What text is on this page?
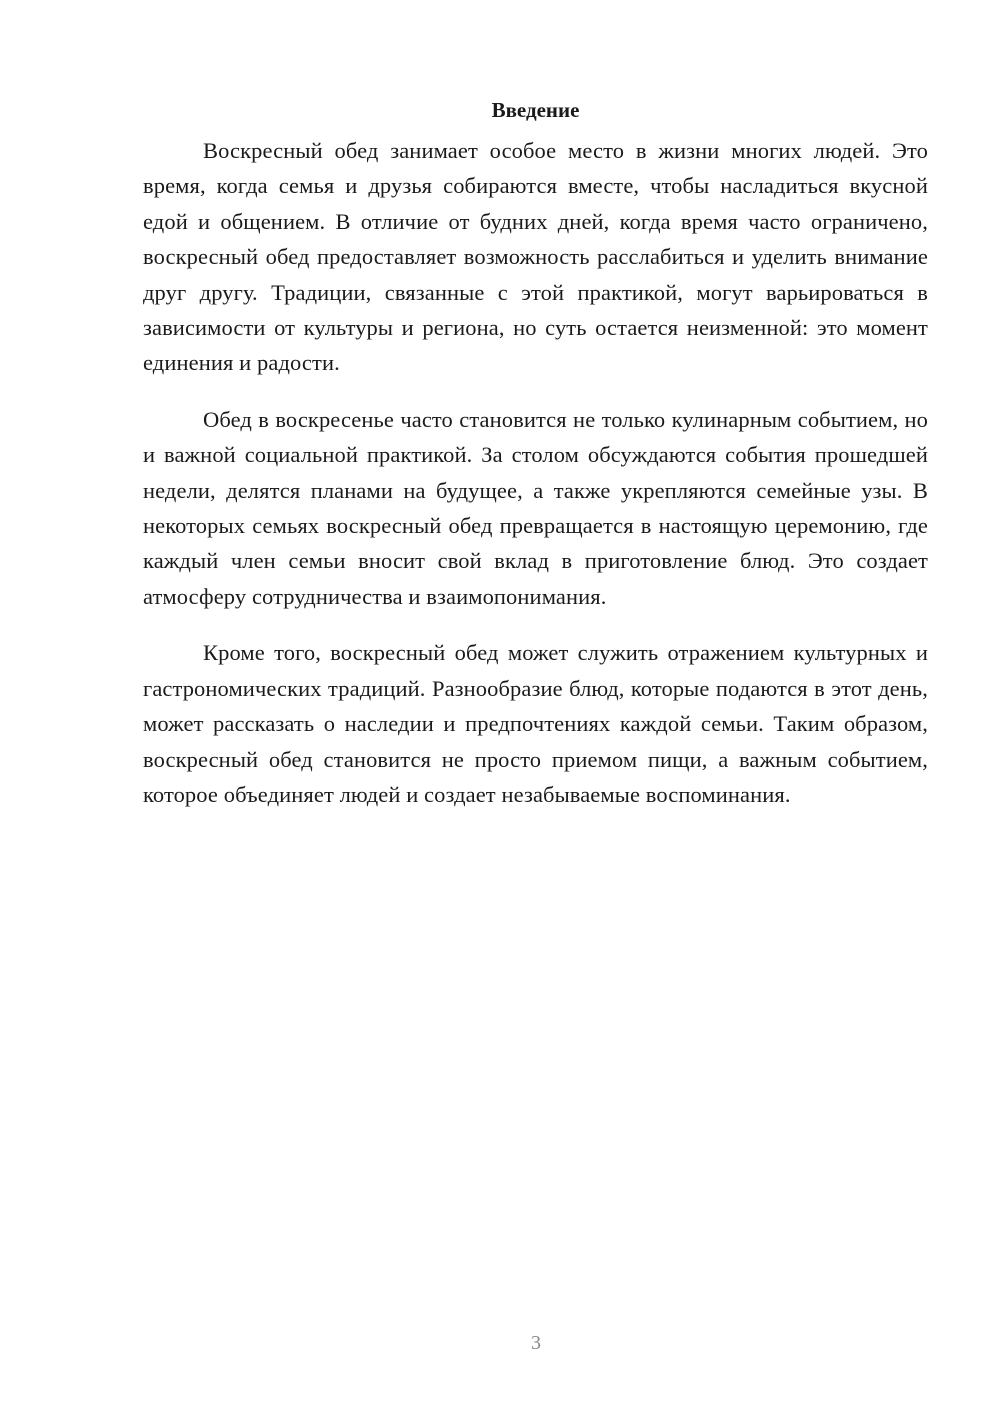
Введение

Воскресный обед занимает особое место в жизни многих людей. Это время, когда семья и друзья собираются вместе, чтобы насладиться вкусной едой и общением. В отличие от будних дней, когда время часто ограничено, воскресный обед предоставляет возможность расслабиться и уделить внимание друг другу. Традиции, связанные с этой практикой, могут варьироваться в зависимости от культуры и региона, но суть остается неизменной: это момент единения и радости.

Обед в воскресенье часто становится не только кулинарным событием, но и важной социальной практикой. За столом обсуждаются события прошедшей недели, делятся планами на будущее, а также укрепляются семейные узы. В некоторых семьях воскресный обед превращается в настоящую церемонию, где каждый член семьи вносит свой вклад в приготовление блюд. Это создает атмосферу сотрудничества и взаимопонимания.

Кроме того, воскресный обед может служить отражением культурных и гастрономических традиций. Разнообразие блюд, которые подаются в этот день, может рассказать о наследии и предпочтениях каждой семьи. Таким образом, воскресный обед становится не просто приемом пищи, а важным событием, которое объединяет людей и создает незабываемые воспоминания.

3
